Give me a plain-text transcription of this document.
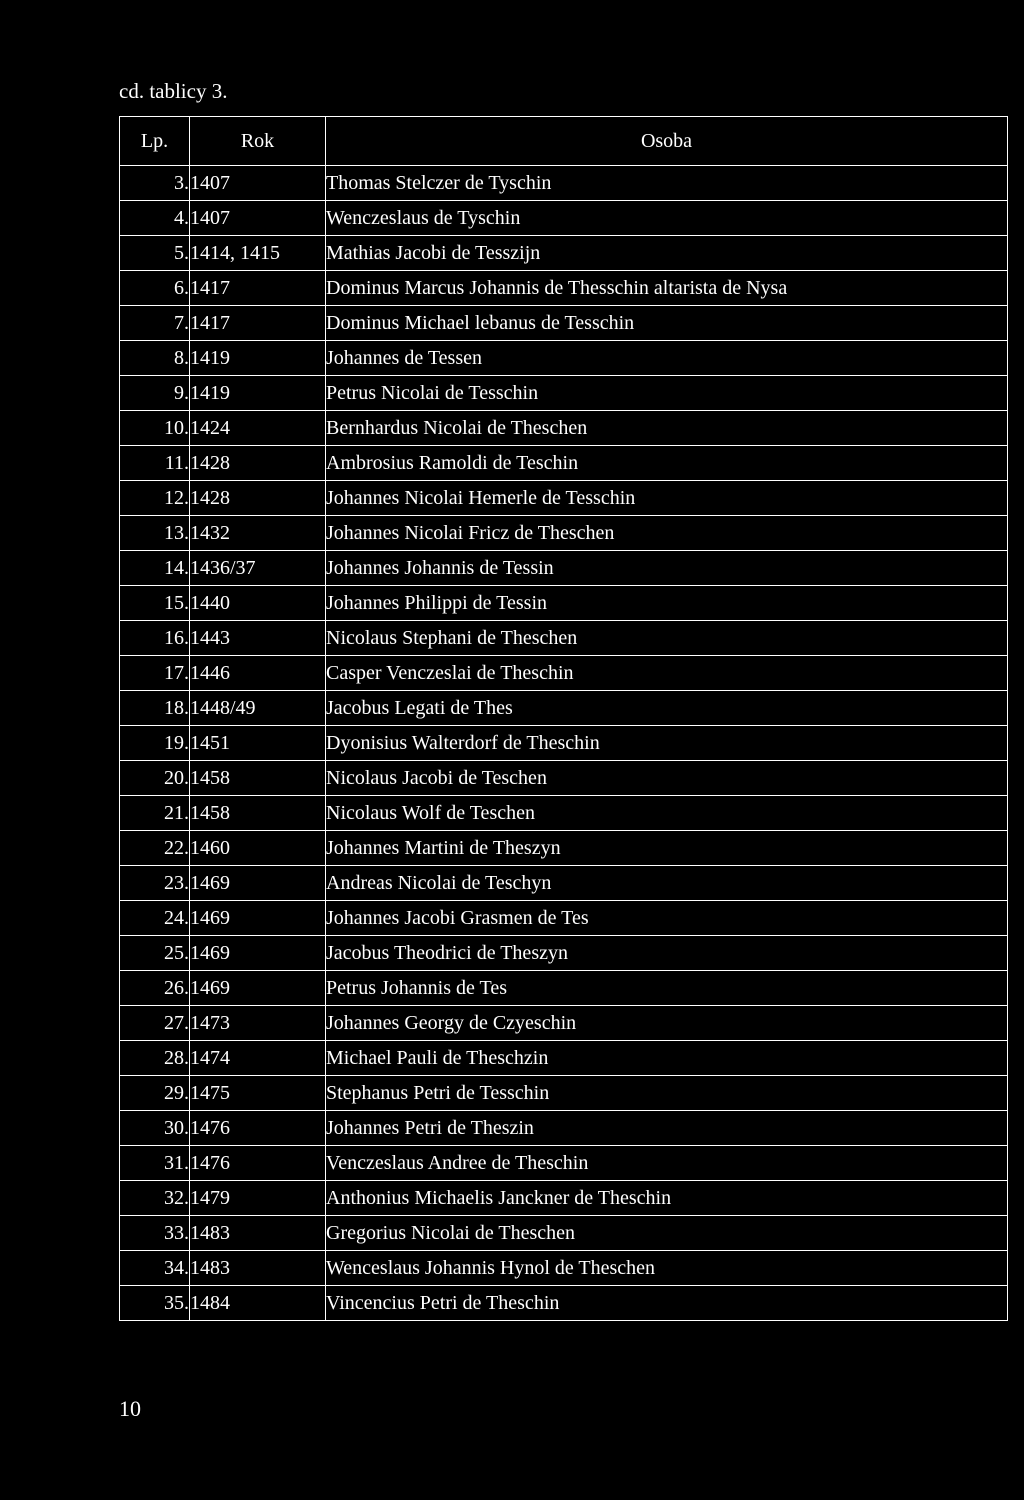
cd. tablicy 3.
Lp.	Rok	Osoba
3.	1407	Thomas Stelczer de Tyschin
4.	1407	Wenczeslaus de Tyschin
5.	1414, 1415	Mathias Jacobi de Tesszijn
6.	1417	Dominus Marcus Johannis de Thesschin altarista de Nysa
7.	1417	Dominus Michael lebanus de Tesschin
8.	1419	Johannes de Tessen
9.	1419	Petrus Nicolai de Tesschin
10.	1424	Bernhardus Nicolai de Theschen
11.	1428	Ambrosius Ramoldi de Teschin
12.	1428	Johannes Nicolai Hemerle de Tesschin
13.	1432	Johannes Nicolai Fricz de Theschen
14.	1436/37	Johannes Johannis de Tessin
15.	1440	Johannes Philippi de Tessin
16.	1443	Nicolaus Stephani de Theschen
17.	1446	Casper Venczeslai de Theschin
18.	1448/49	Jacobus Legati de Thes
19.	1451	Dyonisius Walterdorf de Theschin
20.	1458	Nicolaus Jacobi de Teschen
21.	1458	Nicolaus Wolf de Teschen
22.	1460	Johannes Martini de Theszyn
23.	1469	Andreas Nicolai de Teschyn
24.	1469	Johannes Jacobi Grasmen de Tes
25.	1469	Jacobus Theodrici de Theszyn
26.	1469	Petrus Johannis de Tes
27.	1473	Johannes Georgy de Czyeschin
28.	1474	Michael Pauli de Theschzin
29.	1475	Stephanus Petri de Tesschin
30.	1476	Johannes Petri de Theszin
31.	1476	Venczeslaus Andree de Theschin
32.	1479	Anthonius Michaelis Janckner de Theschin
33.	1483	Gregorius Nicolai de Theschen
34.	1483	Wenceslaus Johannis Hynol de Theschen
35.	1484	Vincencius Petri de Theschin
10
